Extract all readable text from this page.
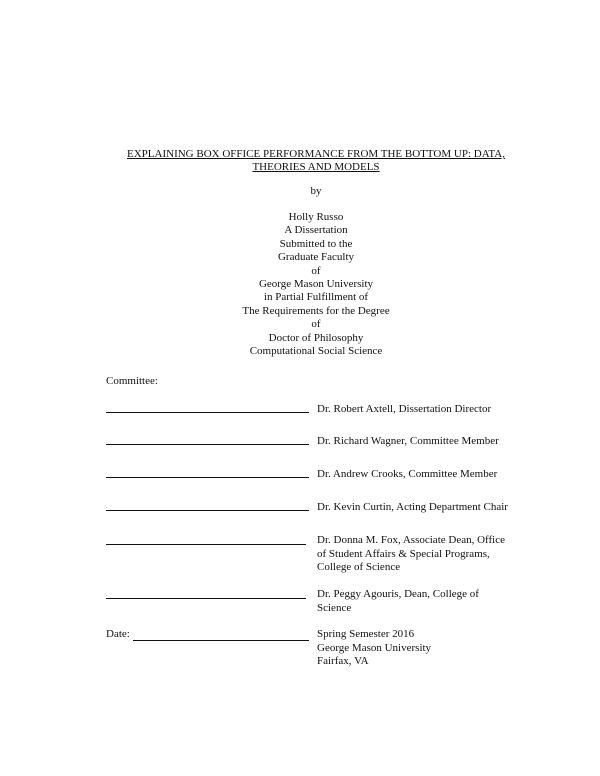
EXPLAINING BOX OFFICE PERFORMANCE FROM THE BOTTOM UP: DATA,
THEORIES AND MODELS
by
Holly Russo
A Dissertation
Submitted to the
Graduate Faculty
of
George Mason University
in Partial Fulfillment of
The Requirements for the Degree
of
Doctor of Philosophy
Computational Social Science
Committee:
Dr. Robert Axtell, Dissertation Director
Dr. Richard Wagner, Committee Member
Dr. Andrew Crooks, Committee Member
Dr. Kevin Curtin, Acting Department Chair
Dr. Donna M. Fox, Associate Dean, Office
of Student Affairs & Special Programs,
College of Science
Dr. Peggy Agouris, Dean, College of
Science
Date:	Spring Semester 2016
George Mason University
Fairfax, VA
